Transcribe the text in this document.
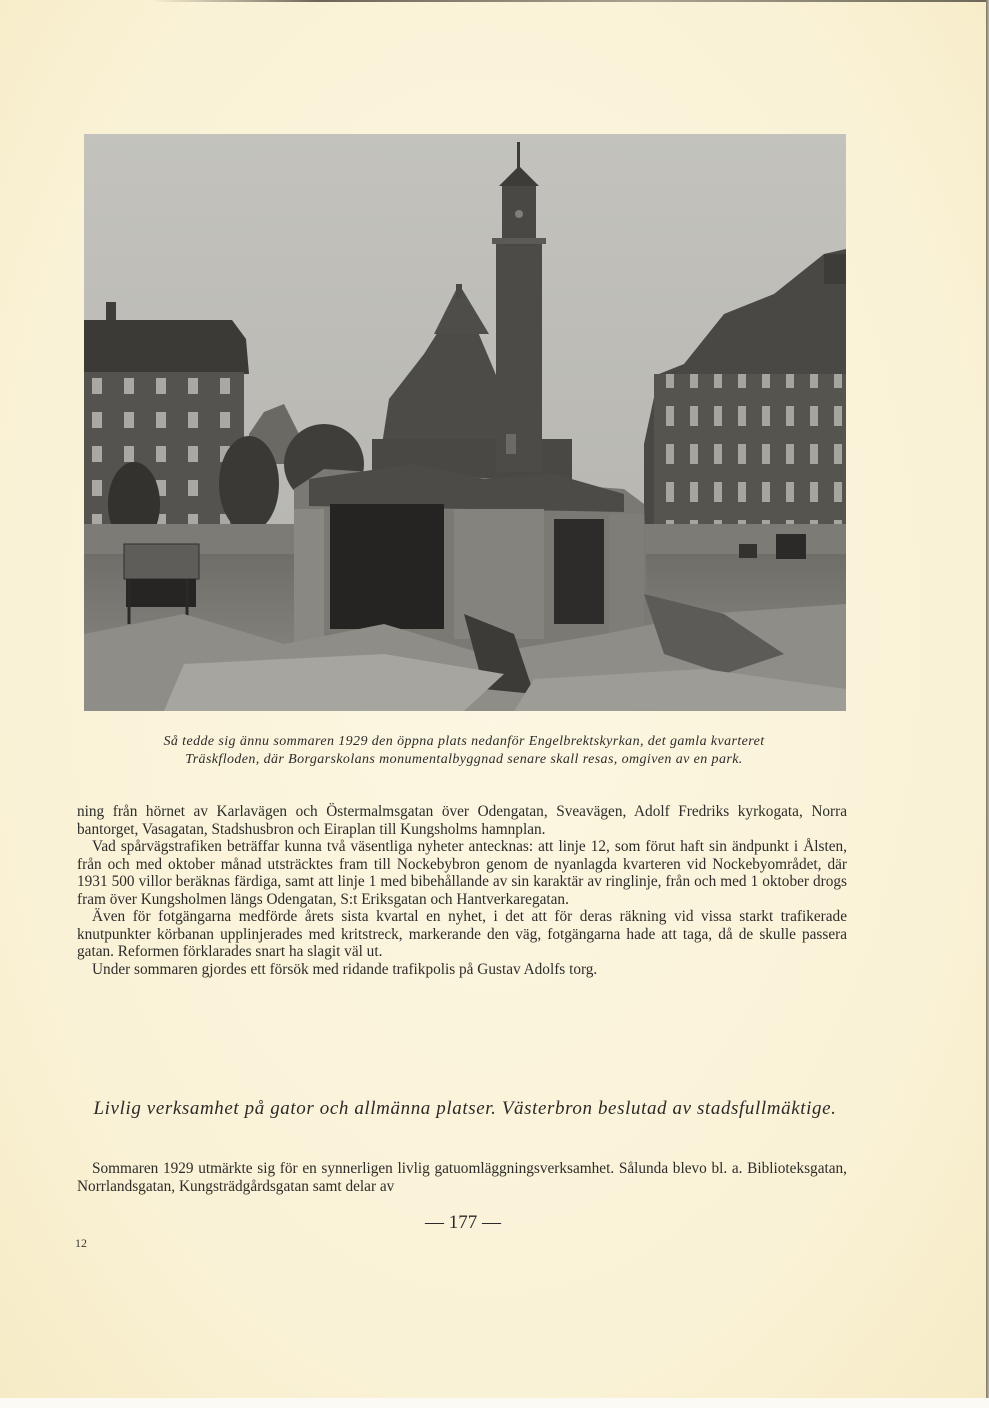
Så tedde sig ännu sommaren 1929 den öppna plats nedanför Engelbrektskyrkan, det gamla kvarteret
Träskfloden, där Borgarskolans monumentalbyggnad senare skall resas, omgiven av en park.

ning från hörnet av Karlavägen och Östermalmsgatan över Odengatan, Sveavägen, Adolf Fredriks kyrkogata, Norra bantorget, Vasagatan, Stadshusbron och Eiraplan till Kungsholms hamnplan.

Vad spårvägstrafiken beträffar kunna två väsentliga nyheter antecknas: att linje 12, som förut haft sin ändpunkt i Ålsten, från och med oktober månad utsträcktes fram till Nockebybron genom de nyanlagda kvarteren vid Nockebyområdet, där 1931 500 villor beräknas färdiga, samt att linje 1 med bibehållande av sin karaktär av ringlinje, från och med 1 oktober drogs fram över Kungsholmen längs Odengatan, S:t Eriksgatan och Hantverkaregatan.

Även för fotgängarna medförde årets sista kvartal en nyhet, i det att för deras räkning vid vissa starkt trafikerade knutpunkter körbanan upplinjerades med kritstreck, markerande den väg, fotgängarna hade att taga, då de skulle passera gatan. Reformen förklarades snart ha slagit väl ut.

Under sommaren gjordes ett försök med ridande trafikpolis på Gustav Adolfs torg.

Livlig verksamhet på gator och allmänna platser. Västerbron beslutad av stadsfullmäktige.

Sommaren 1929 utmärkte sig för en synnerligen livlig gatuomläggningsverksamhet. Sålunda blevo bl. a. Biblioteksgatan, Norrlandsgatan, Kungsträdgårdsgatan samt delar av

— 177 —
12
